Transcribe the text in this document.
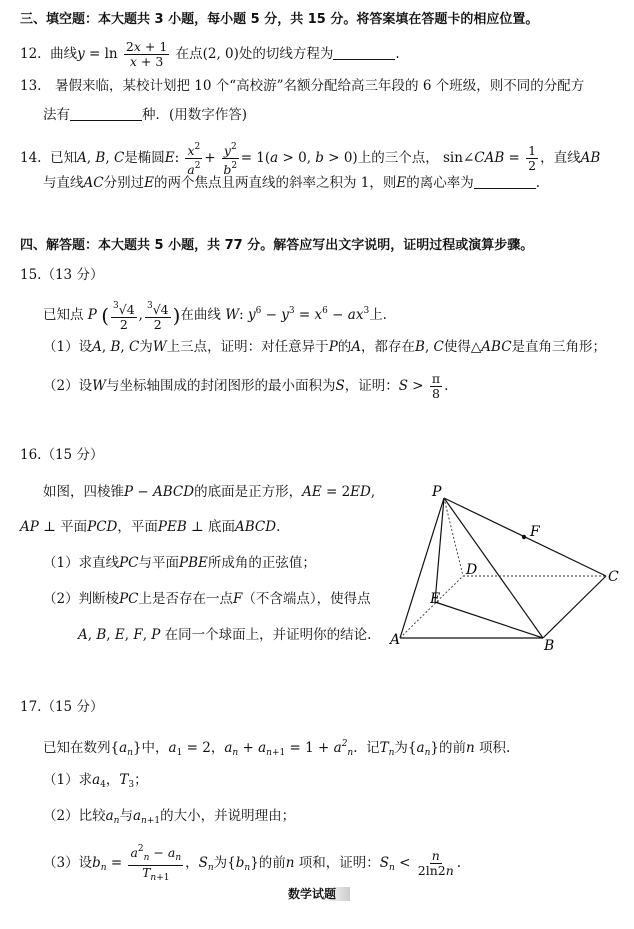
三、填空题：本大题共 3 小题，每小题 5 分，共 15 分。将答案填在答题卡的相应位置。
12. 曲线$y = \ln \frac{2x + 1}{x + 3}$ 在点(2, 0)处的切线方程为	.
13.　暑假来临，某校计划把 10 个“高校游”名额分配给高三年段的 6 个班级，则不同的分配方
法有	种．(用数字作答)
14. 已知A, B, C是椭圆E: $\frac{x^2}{a^2} + \frac{y^2}{b^2} = 1(a > 0$, b > 0)上的三个点， sin∠CAB = $\frac{1}{2}$ ，直线AB
与直线AC分别过E的两个焦点且两直线的斜率之积为 1，则E的离心率为	.
四、解答题：本大题共 5 小题，共 77 分。解答应写出文字说明，证明过程或演算步骤。
15.（13 分）
已知点 P ( $\frac{^3√4}{2}$ , $\frac{^3√4}{2}$ )在曲线 W: $y^6 - y^3 = x^6 - ax^3$上.
（1）设A, B, C为W上三点，证明：对任意异于P的A，都存在B, C使得△ABC是直角三角形；
（2）设W与坐标轴围成的封闭图形的最小面积为S，证明：$S > \frac{\pi}{8}$ .
16.（15 分）
如图，四棱锥P − ABCD的底面是正方形，AE = 2ED,
AP ⊥ 平面PCD，平面PEB ⊥ 底面ABCD.
（1）求直线PC与平面PBE所成角的正弦值；
（2）判断棱PC上是否存在一点F（不含端点），使得点
A, B, E, F, P 在同一个球面上，并证明你的结论.
P
F
D	C
E
A	B
17.（15 分）
已知在数列$\{a_n\}$中，$a_1 = 2$，$a_n + a_{n+1} = 1 + a^2_n$.  记$T_n$为$\{a_n\}$的前n 项积.
（1）求$a_4$，$T_3$；
（2）比较$a_n$与$a_{n+1}$的大小，并说明理由；
（3）设$b_n = \frac{a^2_n - a_n}{T_{n+1}}$ ，$S_n$为$\{b_n\}$的前n 项和，证明：$S_n < \frac{n}{2\ln 2n}$ .
数学试题
